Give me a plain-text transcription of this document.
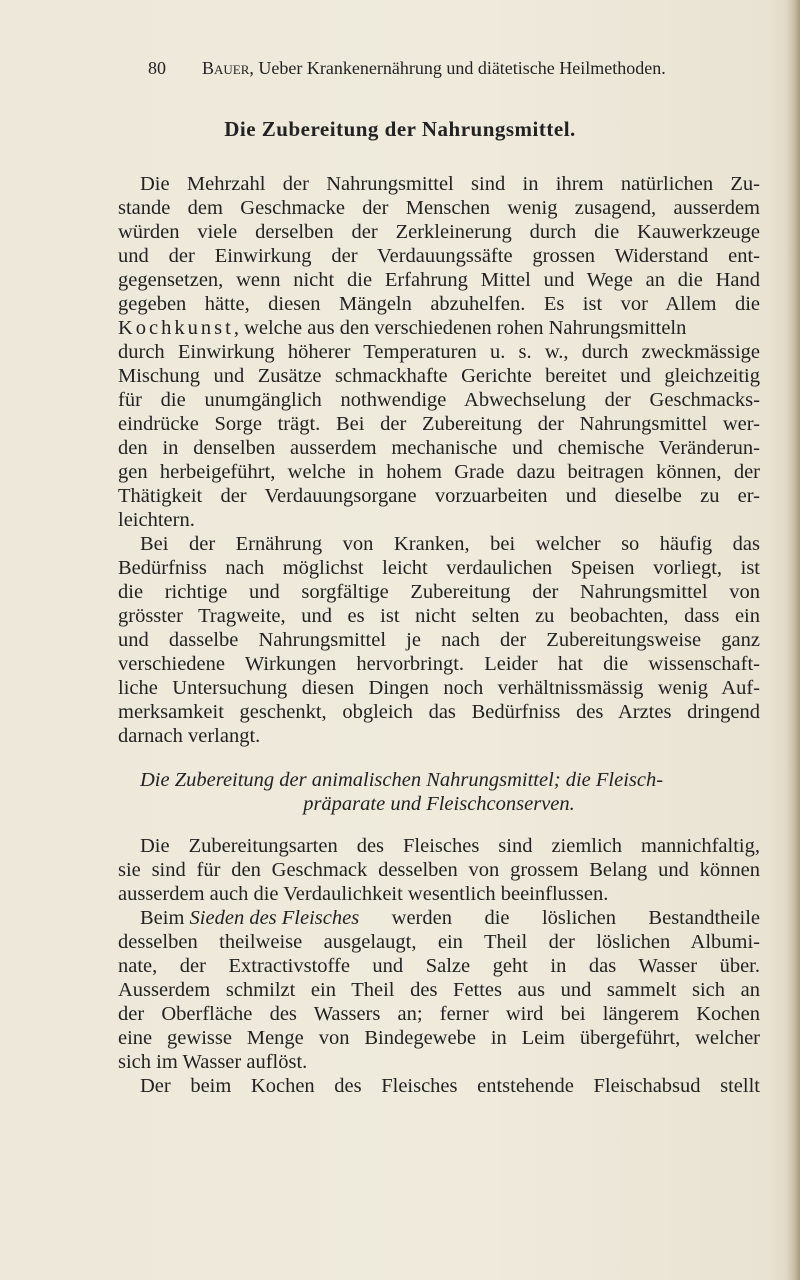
80 Bauer, Ueber Krankenernährung und diätetische Heilmethoden.
Die Zubereitung der Nahrungsmittel.
Die Mehrzahl der Nahrungsmittel sind in ihrem natürlichen Zu-
stande dem Geschmacke der Menschen wenig zusagend, ausserdem
würden viele derselben der Zerkleinerung durch die Kauwerkzeuge
und der Einwirkung der Verdauungssäfte grossen Widerstand ent-
gegensetzen, wenn nicht die Erfahrung Mittel und Wege an die Hand
gegeben hätte, diesen Mängeln abzuhelfen. Es ist vor Allem die
Kochkunst, welche aus den verschiedenen rohen Nahrungsmitteln
durch Einwirkung höherer Temperaturen u. s. w., durch zweckmässige
Mischung und Zusätze schmackhafte Gerichte bereitet und gleichzeitig
für die unumgänglich nothwendige Abwechselung der Geschmacks-
eindrücke Sorge trägt. Bei der Zubereitung der Nahrungsmittel wer-
den in denselben ausserdem mechanische und chemische Veränderun-
gen herbeigeführt, welche in hohem Grade dazu beitragen können, der
Thätigkeit der Verdauungsorgane vorzuarbeiten und dieselbe zu er-
leichtern.
Bei der Ernährung von Kranken, bei welcher so häufig das
Bedürfniss nach möglichst leicht verdaulichen Speisen vorliegt, ist
die richtige und sorgfältige Zubereitung der Nahrungsmittel von
grösster Tragweite, und es ist nicht selten zu beobachten, dass ein
und dasselbe Nahrungsmittel je nach der Zubereitungsweise ganz
verschiedene Wirkungen hervorbringt. Leider hat die wissenschaft-
liche Untersuchung diesen Dingen noch verhältnissmässig wenig Auf-
merksamkeit geschenkt, obgleich das Bedürfniss des Arztes dringend
darnach verlangt.
Die Zubereitung der animalischen Nahrungsmittel; die Fleisch-
präparate und Fleischconserven.
Die Zubereitungsarten des Fleisches sind ziemlich mannichfaltig,
sie sind für den Geschmack desselben von grossem Belang und können
ausserdem auch die Verdaulichkeit wesentlich beeinflussen.
Beim Sieden des Fleisches werden die löslichen Bestandtheile
desselben theilweise ausgelaugt, ein Theil der löslichen Albumi-
nate, der Extractivstoffe und Salze geht in das Wasser über.
Ausserdem schmilzt ein Theil des Fettes aus und sammelt sich an
der Oberfläche des Wassers an; ferner wird bei längerem Kochen
eine gewisse Menge von Bindegewebe in Leim übergeführt, welcher
sich im Wasser auflöst.
Der beim Kochen des Fleisches entstehende Fleischabsud stellt
